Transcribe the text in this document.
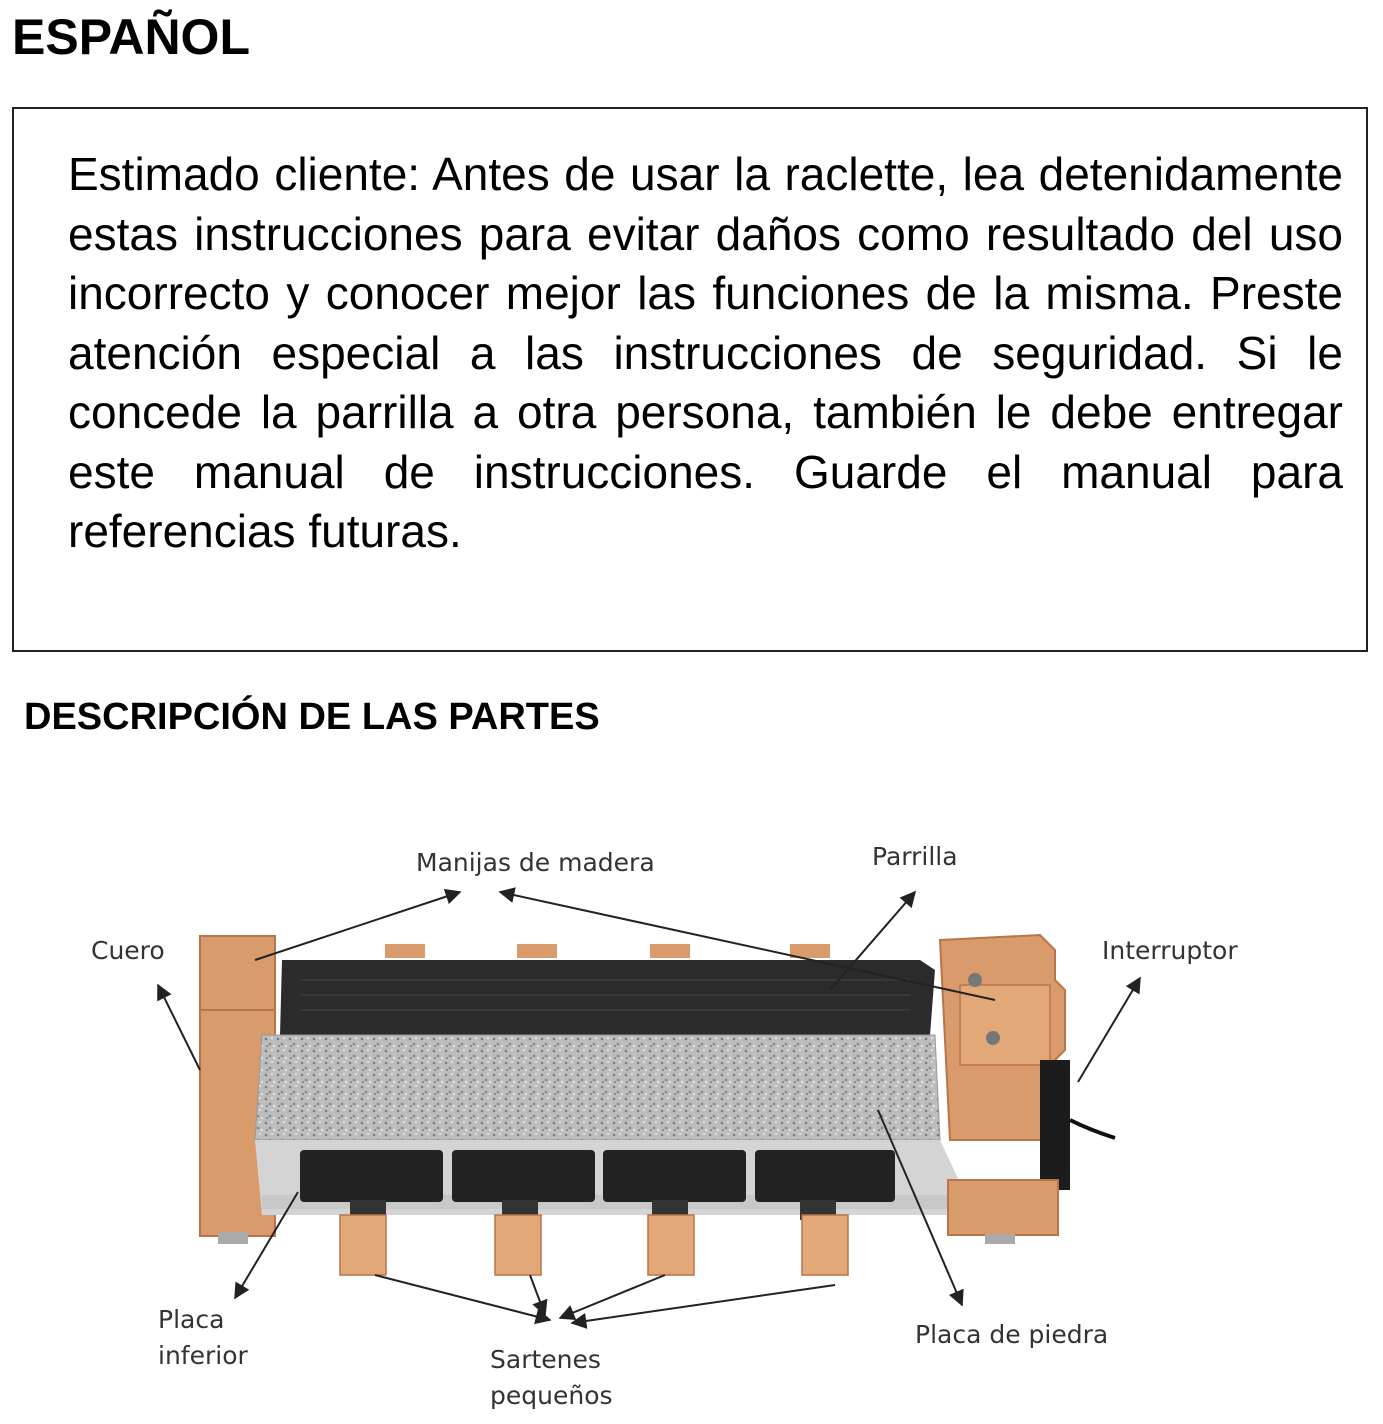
ESPAÑOL

Estimado cliente: Antes de usar la raclette, lea detenidamente estas instrucciones para evitar daños como resultado del uso incorrecto y conocer mejor las funciones de la misma. Preste atención especial a las instrucciones de seguridad. Si le concede la parrilla a otra persona, también le debe entregar este manual de instrucciones. Guarde el manual para referencias futuras.

DESCRIPCIÓN DE LAS PARTES
Manijas de madera	Parrilla
Cuero	Interruptor
Placa
inferior	Sartenes
pequeños
Placa de piedra
